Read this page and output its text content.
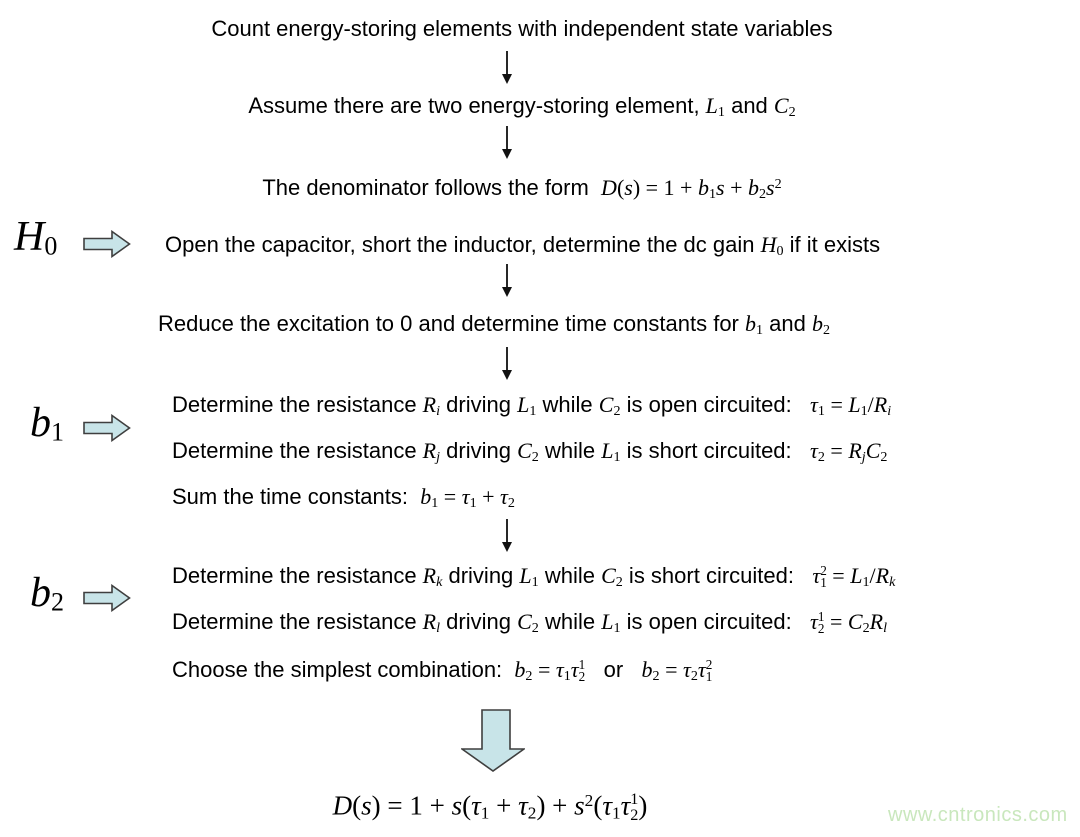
Count energy-storing elements with independent state variables
Assume there are two energy-storing element, L1 and C2
The denominator follows the form  $D(s) = 1 + b1s + b2s^2$
Open the capacitor, short the inductor, determine the dc gain H0 if it exists
Reduce the excitation to 0 and determine time constants for b1 and b2
Determine the resistance Ri driving L1 while C2 is open circuited:   τ1 = L1/Ri
Determine the resistance Rj driving C2 while L1 is short circuited:   τ2 = RjC2
Sum the time constants:  b1 = τ1 + τ2
Determine the resistance Rk driving L1 while C2 is short circuited:   τ 2
1 = L1/Rk
Determine the resistance Rl driving C2 while L1 is open circuited:   τ 1
2 = C2Rl
Choose the simplest combination:  b2 = τ1τ 1
2 or   b2 = τ2τ 2
1
$D(s) = 1 + s(\tau 1 + \tau 2) + s^2(\tau 1\tau$ 1
2 )
H0
b1
b2
www.cntronics.com
